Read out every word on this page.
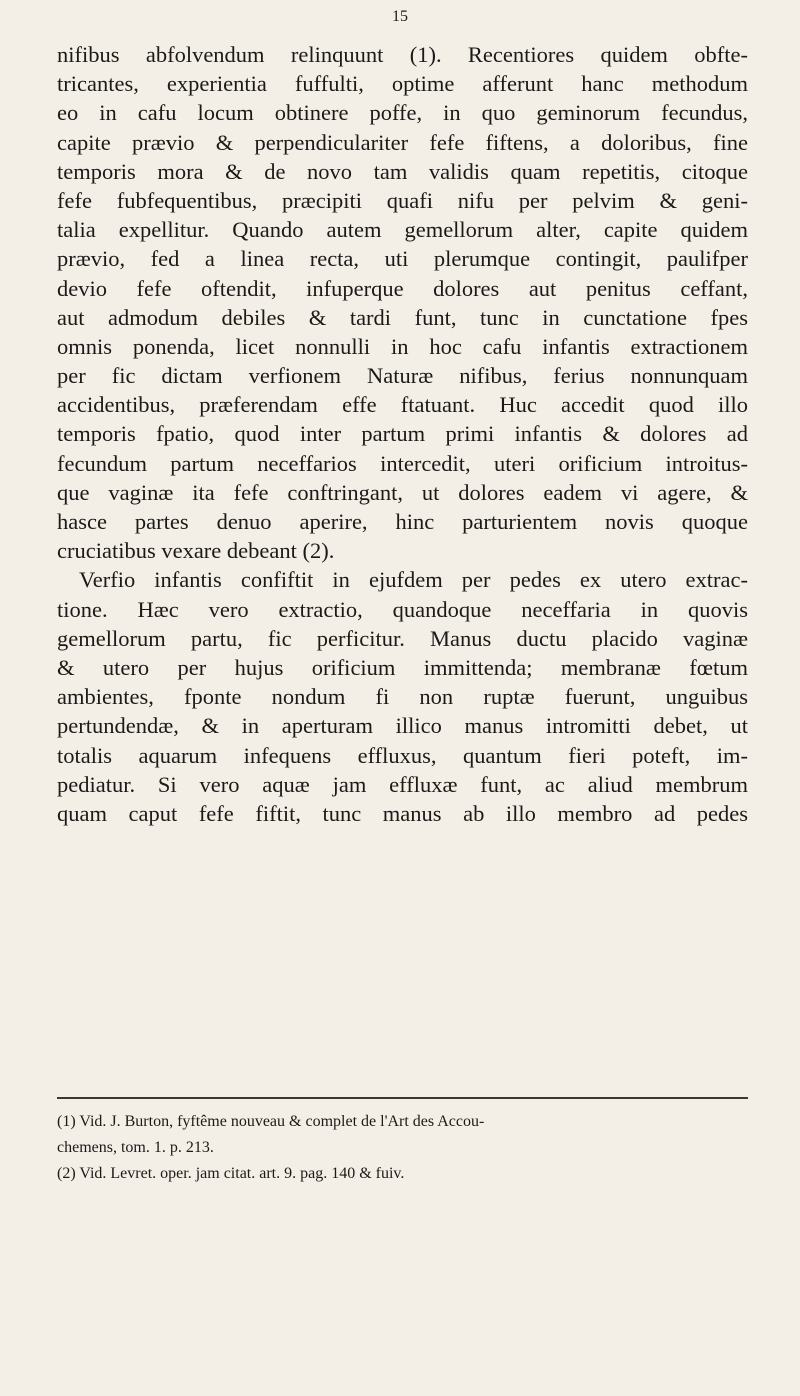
15
nifibus abfolvendum relinquunt (1). Recentiores quidem obfte-
tricantes, experientia fuffulti, optime afferunt hanc methodum
eo in cafu locum obtinere poffe, in quo geminorum fecundus,
capite prævio & perpendiculariter fefe fiftens, a doloribus, fine
temporis mora & de novo tam validis quam repetitis, citoque
fefe fubfequentibus, præcipiti quafi nifu per pelvim & geni-
talia expellitur. Quando autem gemellorum alter, capite quidem
prævio, fed a linea recta, uti plerumque contingit, paulifper
devio fefe oftendit, infuperque dolores aut penitus ceffant,
aut admodum debiles & tardi funt, tunc in cunctatione fpes
omnis ponenda, licet nonnulli in hoc cafu infantis extractionem
per fic dictam verfionem Naturæ nifibus, ferius nonnunquam
accidentibus, præferendam effe ftatuant. Huc accedit quod illo
temporis fpatio, quod inter partum primi infantis & dolores ad
fecundum partum neceffarios intercedit, uteri orificium introitus-
que vaginæ ita fefe conftringant, ut dolores eadem vi agere, &
hasce partes denuo aperire, hinc parturientem novis quoque
cruciatibus vexare debeant (2).
Verfio infantis confiftit in ejufdem per pedes ex utero extrac-
tione. Hæc vero extractio, quandoque neceffaria in quovis
gemellorum partu, fic perficitur. Manus ductu placido vaginæ
& utero per hujus orificium immittenda; membranæ fœtum
ambientes, fponte nondum fi non ruptæ fuerunt, unguibus
pertundendæ, & in aperturam illico manus intromitti debet, ut
totalis aquarum infequens effluxus, quantum fieri poteft, im-
pediatur. Si vero aquæ jam effluxæ funt, ac aliud membrum
quam caput fefe fiftit, tunc manus ab illo membro ad pedes
(1) Vid. J. Burton, fyftême nouveau & complet de l'Art des Accou-
chemens, tom. 1. p. 213.
(2) Vid. Levret. oper. jam citat. art. 9. pag. 140 & fuiv.
